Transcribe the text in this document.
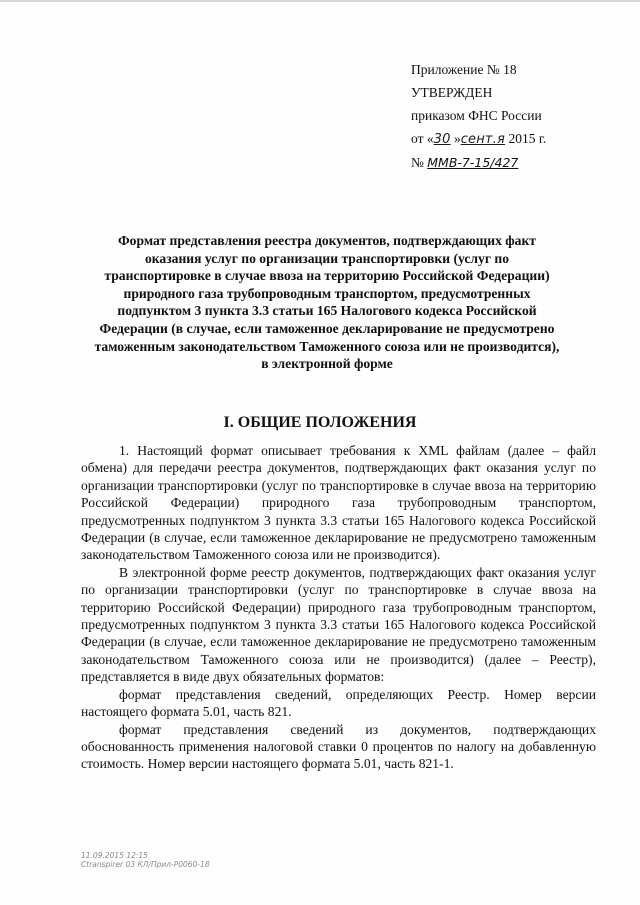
Приложение № 18
УТВЕРЖДЕН
приказом ФНС России
от «30 »сент.я 2015 г.
№ ММВ-7-15/427
Формат представления реестра документов, подтверждающих факт оказания услуг по организации транспортировки (услуг по транспортировке в случае ввоза на территорию Российской Федерации) природного газа трубопроводным транспортом, предусмотренных подпунктом 3 пункта 3.3 статьи 165 Налогового кодекса Российской Федерации (в случае, если таможенное декларирование не предусмотрено таможенным законодательством Таможенного союза или не производится), в электронной форме
I. ОБЩИЕ ПОЛОЖЕНИЯ

1. Настоящий формат описывает требования к XML файлам (далее – файл обмена) для передачи реестра документов, подтверждающих факт оказания услуг по организации транспортировки (услуг по транспортировке в случае ввоза на территорию Российской Федерации) природного газа трубопроводным транспортом, предусмотренных подпунктом 3 пункта 3.3 статьи 165 Налогового кодекса Российской Федерации (в случае, если таможенное декларирование не предусмотрено таможенным законодательством Таможенного союза или не производится).

В электронной форме реестр документов, подтверждающих факт оказания услуг по организации транспортировки (услуг по транспортировке в случае ввоза на территорию Российской Федерации) природного газа трубопроводным транспортом, предусмотренных подпунктом 3 пункта 3.3 статьи 165 Налогового кодекса Российской Федерации (в случае, если таможенное декларирование не предусмотрено таможенным законодательством Таможенного союза или не производится) (далее – Реестр), представляется в виде двух обязательных форматов:

формат представления сведений, определяющих Реестр. Номер версии настоящего формата 5.01, часть 821.

формат представления сведений из документов, подтверждающих обоснованность применения налоговой ставки 0 процентов по налогу на добавленную стоимость. Номер версии настоящего формата 5.01, часть 821-1.

11.09.2015 12:15
Ctranspirer 03 КЛ/Прил-Р0060-18
